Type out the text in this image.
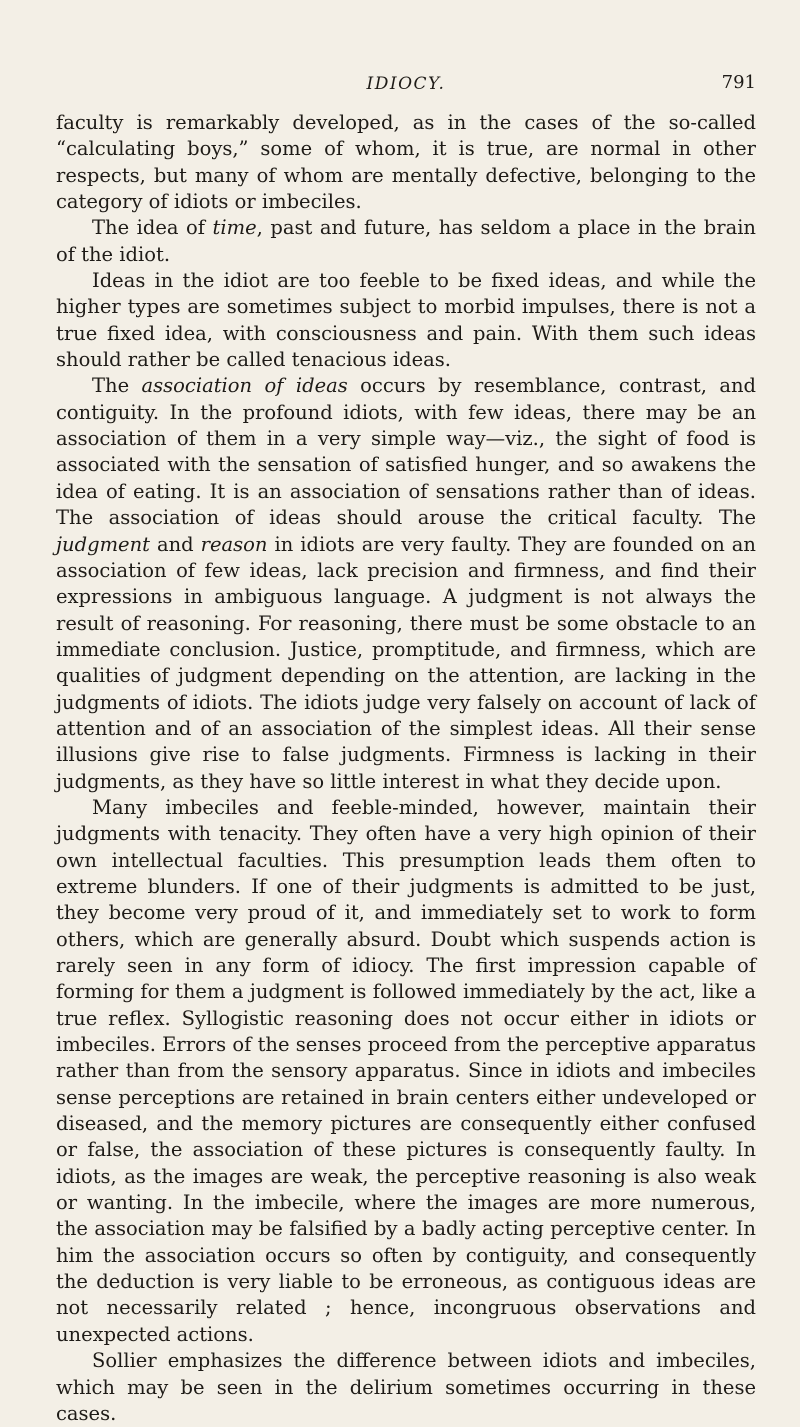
IDIOCY.	791

faculty is remarkably developed, as in the cases of the so-called “calculating boys,” some of whom, it is true, are normal in other respects, but many of whom are mentally defective, belonging to the category of idiots or imbeciles.

The idea of time, past and future, has seldom a place in the brain of the idiot.

Ideas in the idiot are too feeble to be fixed ideas, and while the higher types are sometimes subject to morbid impulses, there is not a true fixed idea, with consciousness and pain. With them such ideas should rather be called tenacious ideas.

The association of ideas occurs by resemblance, contrast, and contiguity. In the profound idiots, with few ideas, there may be an association of them in a very simple way—viz., the sight of food is associated with the sensation of satisfied hunger, and so awakens the idea of eating. It is an association of sensations rather than of ideas. The association of ideas should arouse the critical faculty. The judgment and reason in idiots are very faulty. They are founded on an association of few ideas, lack precision and firmness, and find their expressions in ambiguous language. A judgment is not always the result of reasoning. For reasoning, there must be some obstacle to an immediate conclusion. Justice, promptitude, and firmness, which are qualities of judgment depending on the attention, are lacking in the judgments of idiots. The idiots judge very falsely on account of lack of attention and of an association of the simplest ideas. All their sense illusions give rise to false judgments. Firmness is lacking in their judgments, as they have so little interest in what they decide upon.

Many imbeciles and feeble-minded, however, maintain their judgments with tenacity. They often have a very high opinion of their own intellectual faculties. This presumption leads them often to extreme blunders. If one of their judgments is admitted to be just, they become very proud of it, and immediately set to work to form others, which are generally absurd. Doubt which suspends action is rarely seen in any form of idiocy. The first impression capable of forming for them a judgment is followed immediately by the act, like a true reflex. Syllogistic reasoning does not occur either in idiots or imbeciles. Errors of the senses proceed from the perceptive apparatus rather than from the sensory apparatus. Since in idiots and imbeciles sense perceptions are retained in brain centers either undeveloped or diseased, and the memory pictures are consequently either confused or false, the association of these pictures is consequently faulty. In idiots, as the images are weak, the perceptive reasoning is also weak or wanting. In the imbecile, where the images are more numerous, the association may be falsified by a badly acting perceptive center. In him the association occurs so often by contiguity, and consequently the deduction is very liable to be erroneous, as contiguous ideas are not necessarily related ; hence, incongruous observations and unexpected actions.

Sollier emphasizes the difference between idiots and imbeciles, which may be seen in the delirium sometimes occurring in these cases.
